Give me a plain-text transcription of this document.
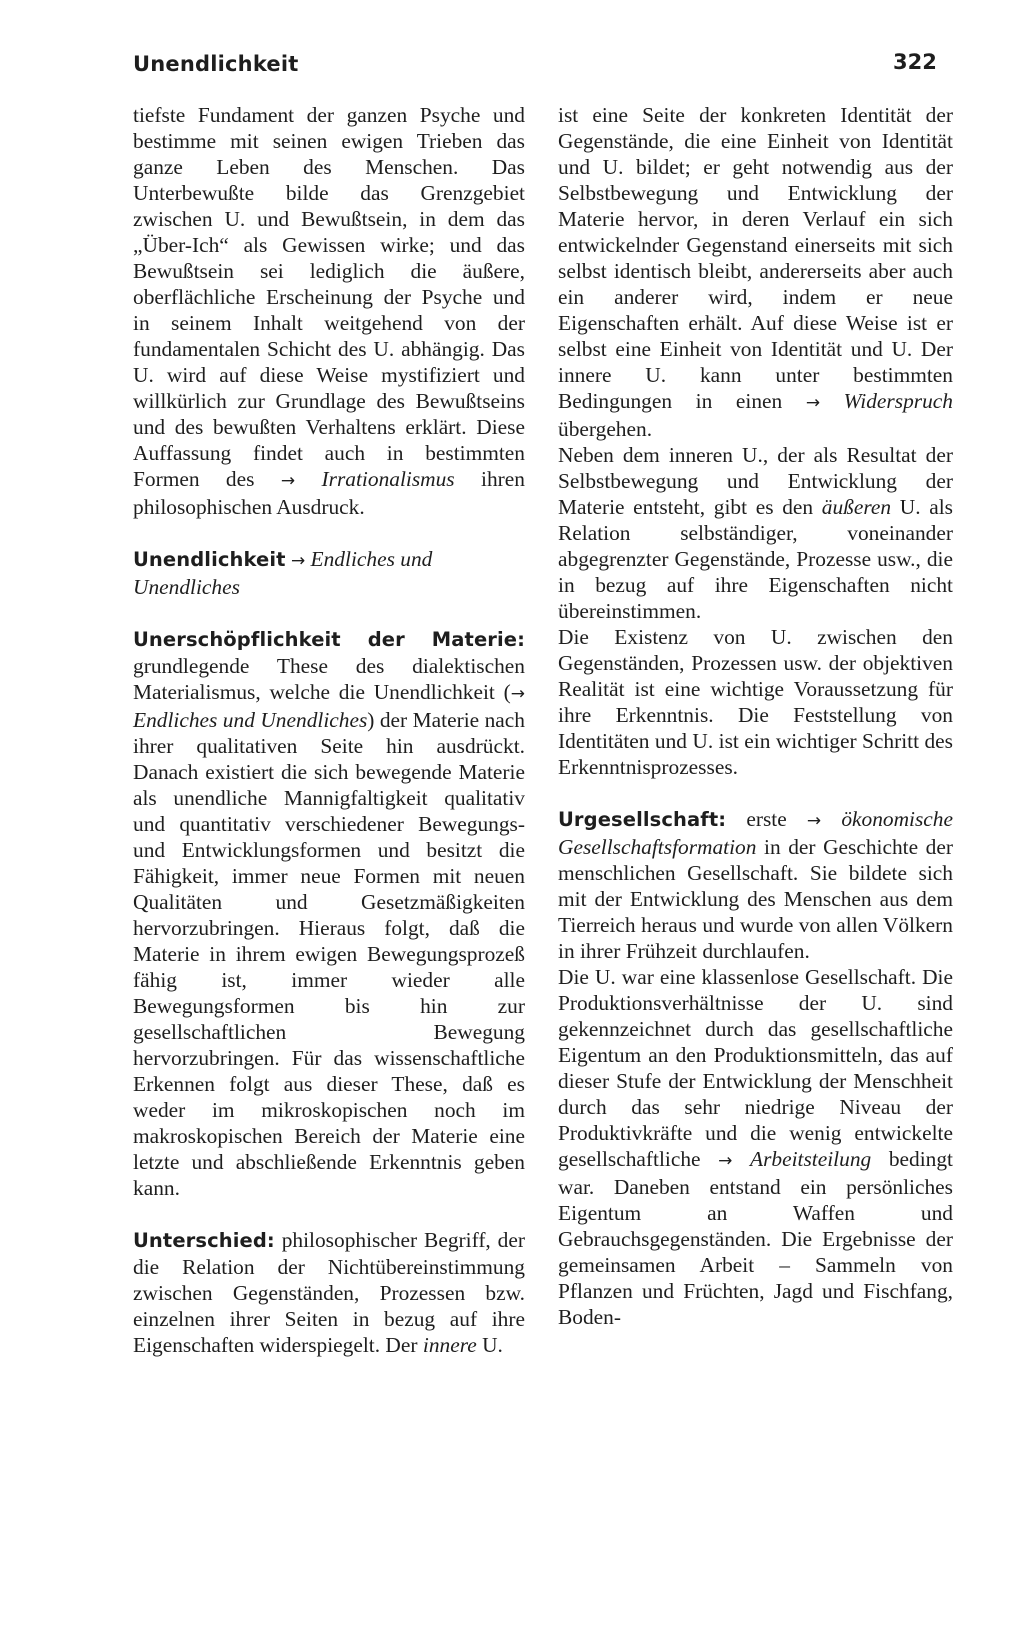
Unendlichkeit	322

tiefste Fundament der ganzen Psyche und bestimme mit seinen ewigen Trieben das ganze Leben des Menschen. Das Unterbewußte bilde das Grenzgebiet zwischen U. und Bewußtsein, in dem das „Über-Ich“ als Gewissen wirke; und das Bewußtsein sei lediglich die äußere, oberflächliche Erscheinung der Psyche und in seinem Inhalt weitgehend von der fundamentalen Schicht des U. abhängig. Das U. wird auf diese Weise mystifiziert und willkürlich zur Grundlage des Bewußtseins und des bewußten Verhaltens erklärt. Diese Auffassung findet auch in bestimmten Formen des → Irrationalismus ihren philosophischen Ausdruck.

Unendlichkeit → Endliches und Unendliches

Unerschöpflichkeit der Materie: grundlegende These des dialektischen Materialismus, welche die Unendlichkeit (→ Endliches und Unendliches) der Materie nach ihrer qualitativen Seite hin ausdrückt. Danach existiert die sich bewegende Materie als unendliche Mannigfaltigkeit qualitativ und quantitativ verschiedener Bewegungs- und Entwicklungsformen und besitzt die Fähigkeit, immer neue Formen mit neuen Qualitäten und Gesetzmäßigkeiten hervorzubringen. Hieraus folgt, daß die Materie in ihrem ewigen Bewegungsprozeß fähig ist, immer wieder alle Bewegungsformen bis hin zur gesellschaftlichen Bewegung hervorzubringen. Für das wissenschaftliche Erkennen folgt aus dieser These, daß es weder im mikroskopischen noch im makroskopischen Bereich der Materie eine letzte und abschließende Erkenntnis geben kann.

Unterschied: philosophischer Begriff, der die Relation der Nichtübereinstimmung zwischen Gegenständen, Prozessen bzw. einzelnen ihrer Seiten in bezug auf ihre Eigenschaften widerspiegelt. Der innere U.

ist eine Seite der konkreten Identität der Gegenstände, die eine Einheit von Identität und U. bildet; er geht notwendig aus der Selbstbewegung und Entwicklung der Materie hervor, in deren Verlauf ein sich entwickelnder Gegenstand einerseits mit sich selbst identisch bleibt, andererseits aber auch ein anderer wird, indem er neue Eigenschaften erhält. Auf diese Weise ist er selbst eine Einheit von Identität und U. Der innere U. kann unter bestimmten Bedingungen in einen → Widerspruch übergehen.

Neben dem inneren U., der als Resultat der Selbstbewegung und Entwicklung der Materie entsteht, gibt es den äußeren U. als Relation selbständiger, voneinander abgegrenzter Gegenstände, Prozesse usw., die in bezug auf ihre Eigenschaften nicht übereinstimmen.

Die Existenz von U. zwischen den Gegenständen, Prozessen usw. der objektiven Realität ist eine wichtige Voraussetzung für ihre Erkenntnis. Die Feststellung von Identitäten und U. ist ein wichtiger Schritt des Erkenntnisprozesses.

Urgesellschaft: erste → ökonomische Gesellschaftsformation in der Geschichte der menschlichen Gesellschaft. Sie bildete sich mit der Entwicklung des Menschen aus dem Tierreich heraus und wurde von allen Völkern in ihrer Frühzeit durchlaufen.

Die U. war eine klassenlose Gesellschaft. Die Produktionsverhältnisse der U. sind gekennzeichnet durch das gesellschaftliche Eigentum an den Produktionsmitteln, das auf dieser Stufe der Entwicklung der Menschheit durch das sehr niedrige Niveau der Produktivkräfte und die wenig entwickelte gesellschaftliche → Arbeitsteilung bedingt war. Daneben entstand ein persönliches Eigentum an Waffen und Gebrauchsgegenständen. Die Ergebnisse der gemeinsamen Arbeit – Sammeln von Pflanzen und Früchten, Jagd und Fischfang, Boden-
